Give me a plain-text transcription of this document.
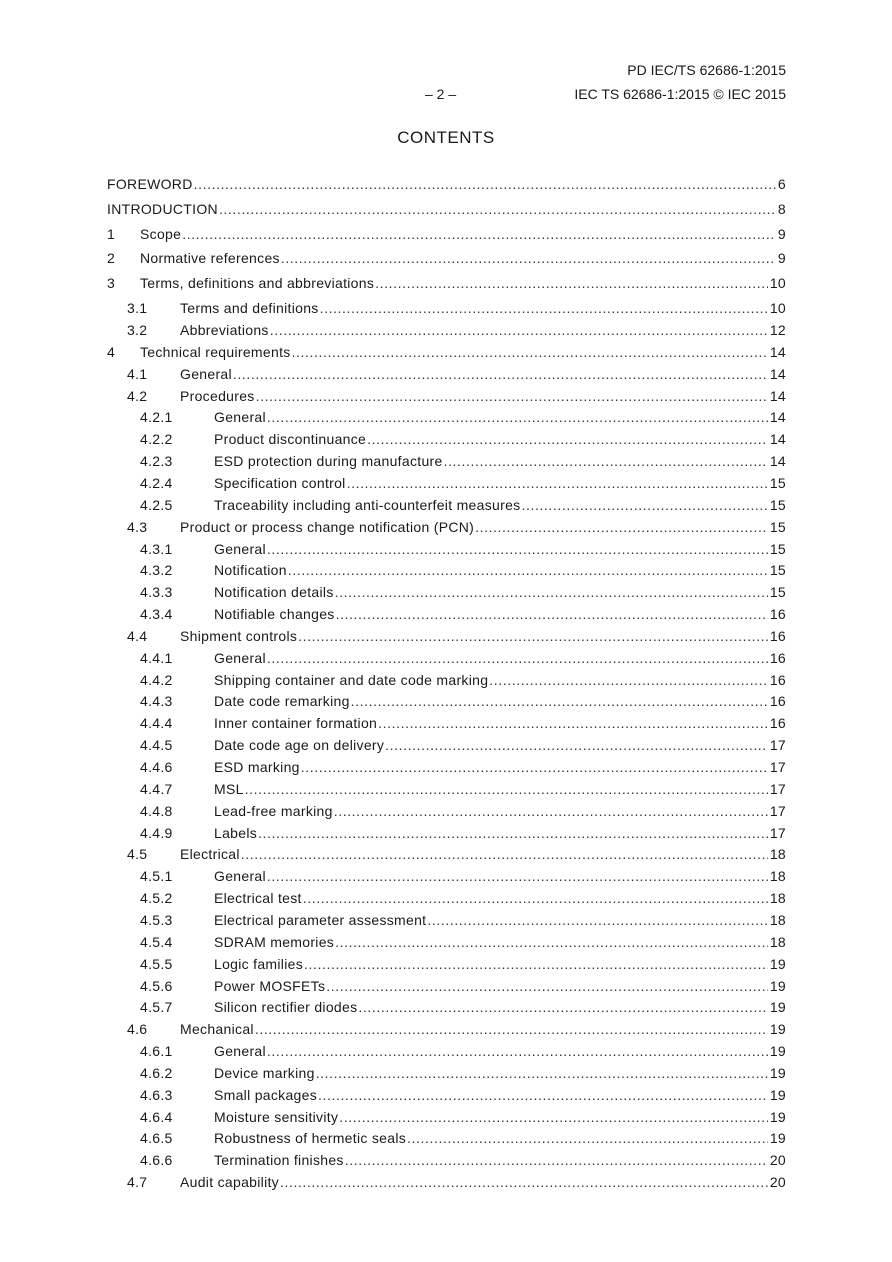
PD IEC/TS 62686-1:2015
– 2 –	IEC TS 62686-1:2015 © IEC 2015
CONTENTS
FOREWORD .....	6
INTRODUCTION .....	8
1	Scope .....	9
2	Normative references .....	9
3	Terms, definitions and abbreviations .....	10
3.1	Terms and definitions .....	10
3.2	Abbreviations .....	12
4	Technical requirements .....	14
4.1	General .....	14
4.2	Procedures .....	14
4.2.1	General .....	14
4.2.2	Product discontinuance .....	14
4.2.3	ESD protection during manufacture .....	14
4.2.4	Specification control .....	15
4.2.5	Traceability including anti-counterfeit measures .....	15
4.3	Product or process change notification (PCN) .....	15
4.3.1	General .....	15
4.3.2	Notification .....	15
4.3.3	Notification details .....	15
4.3.4	Notifiable changes .....	16
4.4	Shipment controls .....	16
4.4.1	General .....	16
4.4.2	Shipping container and date code marking .....	16
4.4.3	Date code remarking .....	16
4.4.4	Inner container formation .....	16
4.4.5	Date code age on delivery .....	17
4.4.6	ESD marking .....	17
4.4.7	MSL .....	17
4.4.8	Lead-free marking .....	17
4.4.9	Labels .....	17
4.5	Electrical .....	18
4.5.1	General .....	18
4.5.2	Electrical test .....	18
4.5.3	Electrical parameter assessment .....	18
4.5.4	SDRAM memories .....	18
4.5.5	Logic families .....	19
4.5.6	Power MOSFETs .....	19
4.5.7	Silicon rectifier diodes .....	19
4.6	Mechanical .....	19
4.6.1	General .....	19
4.6.2	Device marking .....	19
4.6.3	Small packages .....	19
4.6.4	Moisture sensitivity .....	19
4.6.5	Robustness of hermetic seals .....	19
4.6.6	Termination finishes .....	20
4.7	Audit capability .....	20
